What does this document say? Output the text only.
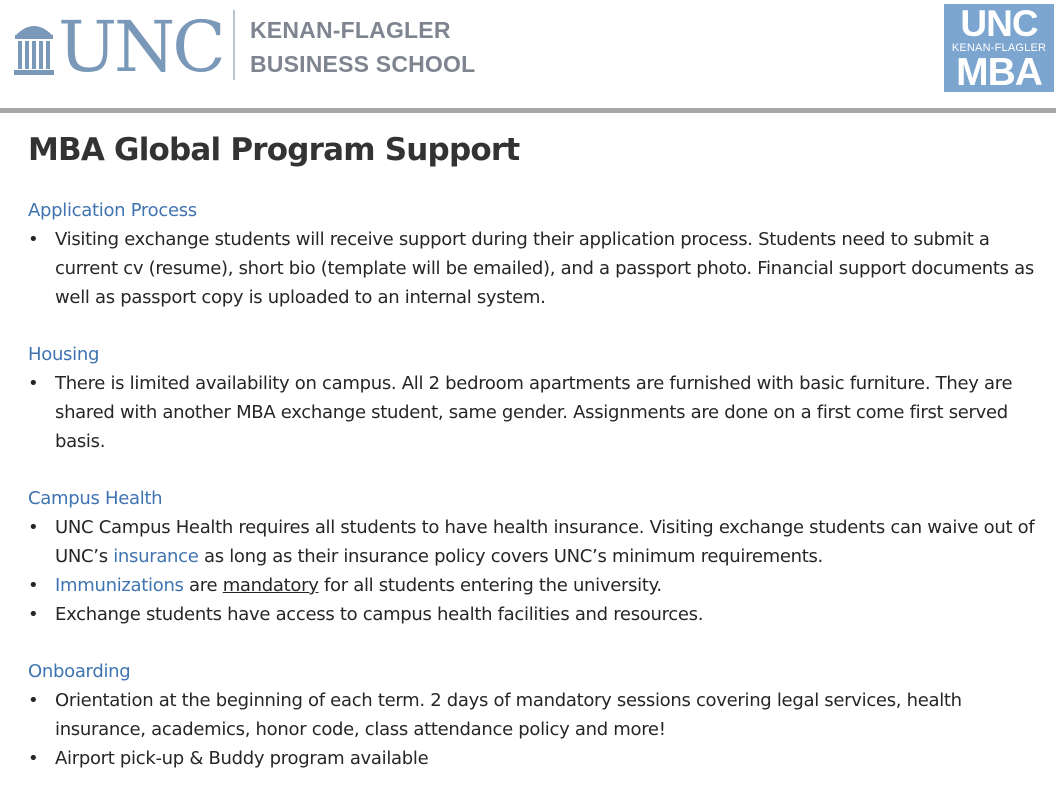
UNC KENAN-FLAGLER
BUSINESS SCHOOL
UNC
KENAN-FLAGLER
MBA
MBA Global Program Support
Application Process
• Visiting exchange students will receive support during their application process. Students need to submit a current cv (resume), short bio (template will be emailed), and a passport photo. Financial support documents as well as passport copy is uploaded to an internal system.
Housing
• There is limited availability on campus. All 2 bedroom apartments are furnished with basic furniture. They are shared with another MBA exchange student, same gender. Assignments are done on a first come first served basis.
Campus Health
• UNC Campus Health requires all students to have health insurance. Visiting exchange students can waive out of UNC’s insurance as long as their insurance policy covers UNC’s minimum requirements.
• Immunizations are mandatory for all students entering the university.
• Exchange students have access to campus health facilities and resources.
Onboarding
• Orientation at the beginning of each term. 2 days of mandatory sessions covering legal services, health insurance, academics, honor code, class attendance policy and more!
• Airport pick-up & Buddy program available
